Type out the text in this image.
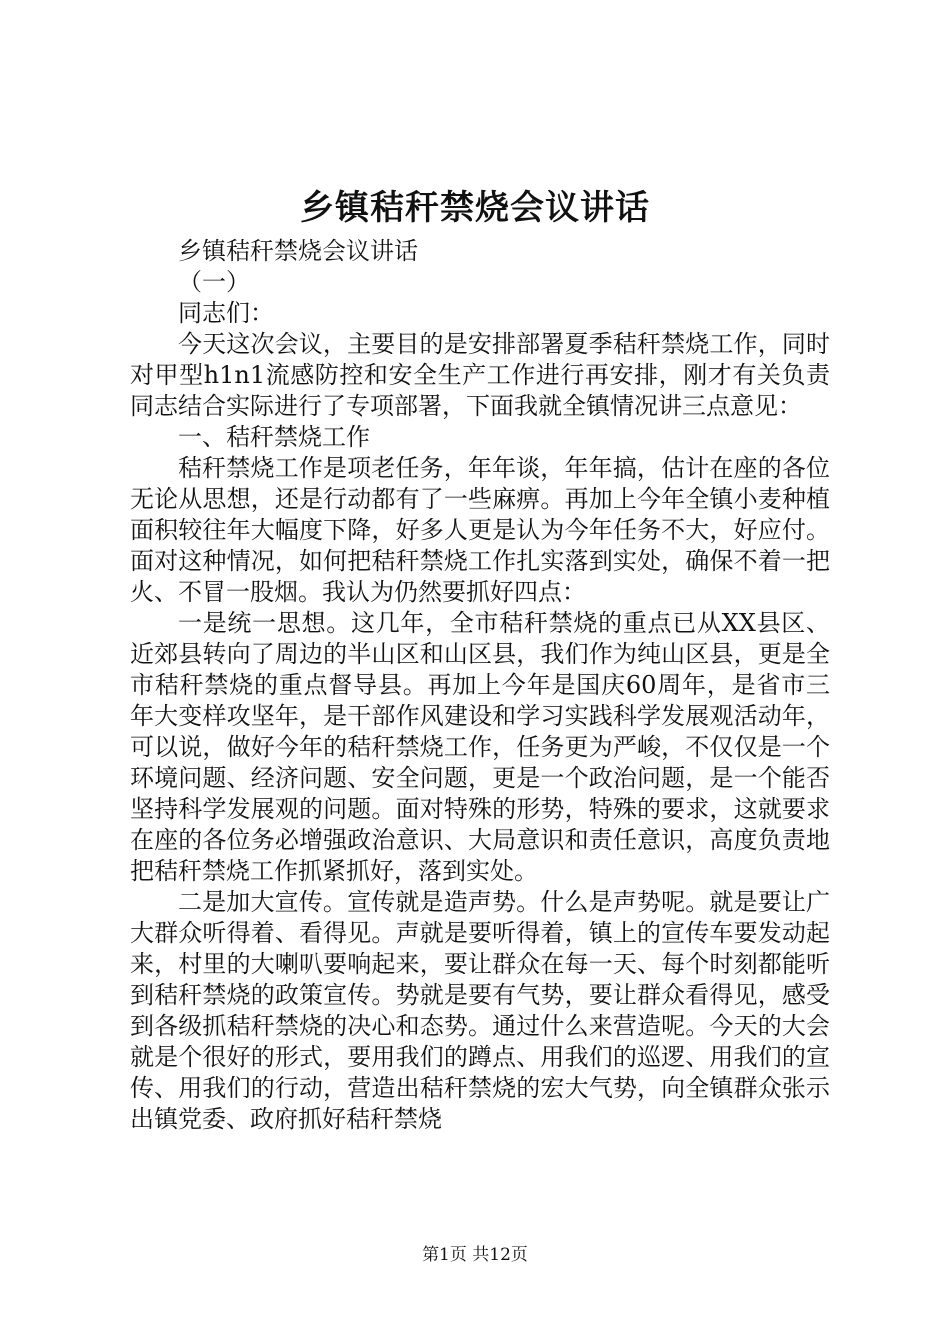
乡镇秸秆禁烧会议讲话

乡镇秸秆禁烧会议讲话

（一）

同志们：

今天这次会议，主要目的是安排部署夏季秸秆禁烧工作，同时对甲型h1n1流感防控和安全生产工作进行再安排，刚才有关负责同志结合实际进行了专项部署，下面我就全镇情况讲三点意见：

一、秸秆禁烧工作

秸秆禁烧工作是项老任务，年年谈，年年搞，估计在座的各位无论从思想，还是行动都有了一些麻痹。再加上今年全镇小麦种植面积较往年大幅度下降，好多人更是认为今年任务不大，好应付。面对这种情况，如何把秸秆禁烧工作扎实落到实处，确保不着一把火、不冒一股烟。我认为仍然要抓好四点：

一是统一思想。这几年，全市秸秆禁烧的重点已从XX县区、近郊县转向了周边的半山区和山区县，我们作为纯山区县，更是全市秸秆禁烧的重点督导县。再加上今年是国庆60周年，是省市三年大变样攻坚年，是干部作风建设和学习实践科学发展观活动年，可以说，做好今年的秸秆禁烧工作，任务更为严峻，不仅仅是一个环境问题、经济问题、安全问题，更是一个政治问题，是一个能否坚持科学发展观的问题。面对特殊的形势，特殊的要求，这就要求在座的各位务必增强政治意识、大局意识和责任意识，高度负责地把秸秆禁烧工作抓紧抓好，落到实处。

二是加大宣传。宣传就是造声势。什么是声势呢。就是要让广大群众听得着、看得见。声就是要听得着，镇上的宣传车要发动起来，村里的大喇叭要响起来，要让群众在每一天、每个时刻都能听到秸秆禁烧的政策宣传。势就是要有气势，要让群众看得见，感受到各级抓秸秆禁烧的决心和态势。通过什么来营造呢。今天的大会就是个很好的形式，要用我们的蹲点、用我们的巡逻、用我们的宣传、用我们的行动，营造出秸秆禁烧的宏大气势，向全镇群众张示出镇党委、政府抓好秸秆禁烧

第1页 共12页
